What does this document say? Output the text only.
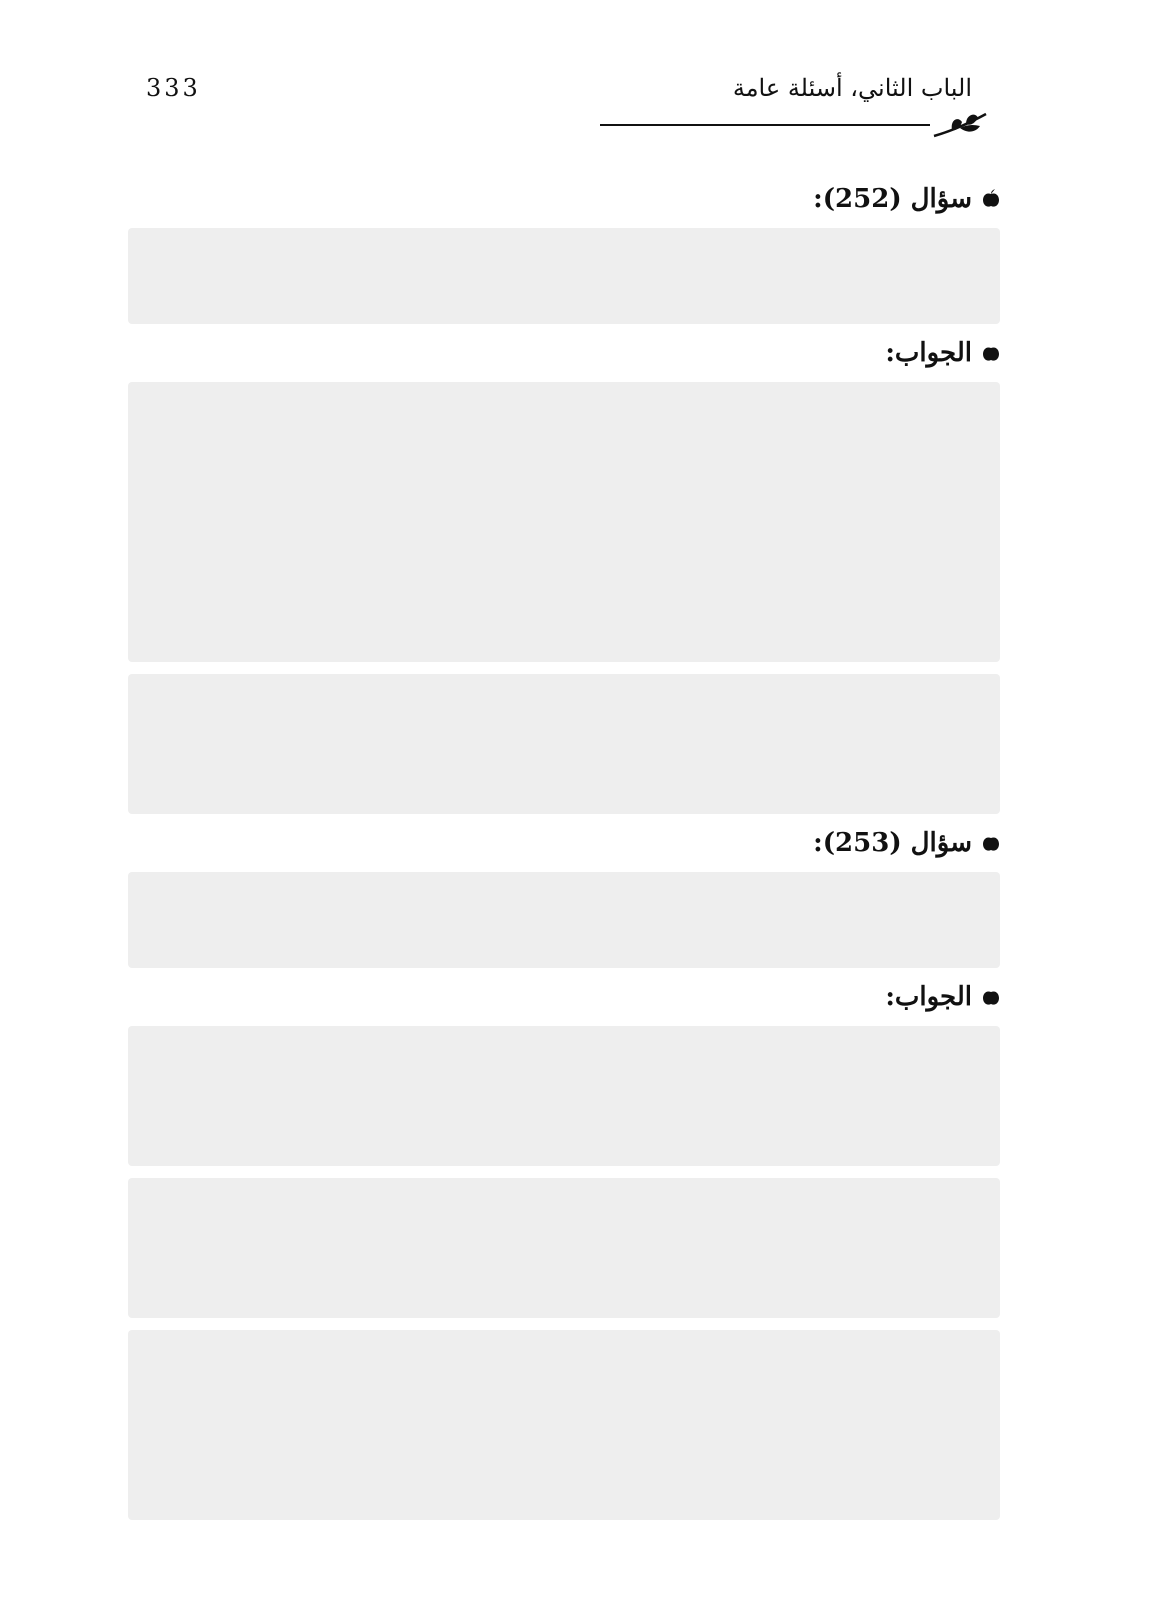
333	الباب الثاني، أسئلة عامة
سؤال (252):
الجواب:
سؤال (253):
الجواب:
